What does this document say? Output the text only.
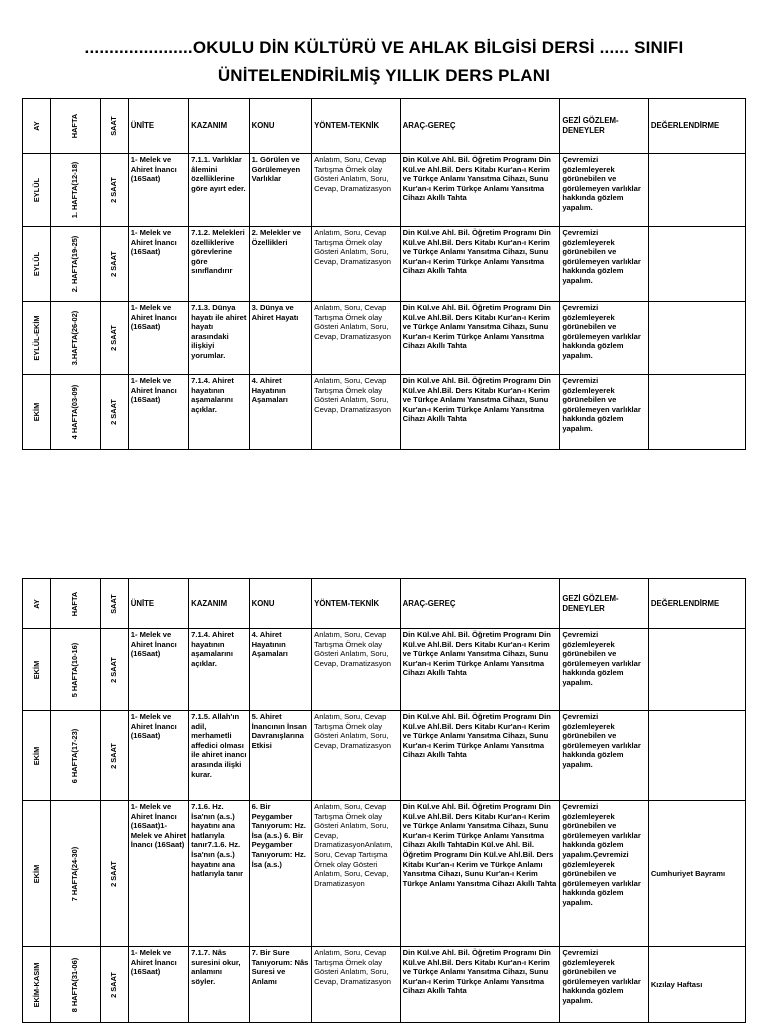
......................OKULU DİN KÜLTÜRÜ VE AHLAK BİLGİSİ DERSİ ...... SINIFI
ÜNİTELENDİRİLMİŞ YILLIK DERS PLANI
AY	HAFTA	SAAT	ÜNİTE	KAZANIM	KONU	YÖNTEM-TEKNİK	ARAÇ-GEREÇ	GEZİ GÖZLEM-DENEYLER	DEĞERLENDİRME

EYLÜL	1. HAFTA(12-18)	2 SAAT	1- Melek ve Ahiret İnancı (16Saat)	7.1.1. Varlıklar âlemini özelliklerine göre ayırt eder.	1. Görülen ve Görülemeyen Varlıklar	Anlatım, Soru, Cevap Tartışma Örnek olay Gösteri Anlatım, Soru, Cevap, Dramatizasyon	Din Kül.ve Ahl. Bil. Öğretim Programı Din Kül.ve Ahl.Bil. Ders Kitabı Kur'an-ı Kerim ve Türkçe Anlamı Yansıtma Cihazı, Sunu Kur'an-ı Kerim Türkçe Anlamı Yansıtma Cihazı Akıllı Tahta	Çevremizi gözlemleyerek görünebilen ve görülemeyen varlıklar hakkında gözlem yapalım.	

EYLÜL	2. HAFTA(19-25)	2 SAAT	1- Melek ve Ahiret İnancı (16Saat)	7.1.2. Melekleri özelliklerive görevlerine göre sınıflandırır	2. Melekler ve Özellikleri	Anlatım, Soru, Cevap Tartışma Örnek olay Gösteri Anlatım, Soru, Cevap, Dramatizasyon	Din Kül.ve Ahl. Bil. Öğretim Programı Din Kül.ve Ahl.Bil. Ders Kitabı Kur'an-ı Kerim ve Türkçe Anlamı Yansıtma Cihazı, Sunu Kur'an-ı Kerim Türkçe Anlamı Yansıtma Cihazı Akıllı Tahta	Çevremizi gözlemleyerek görünebilen ve görülemeyen varlıklar hakkında gözlem yapalım.	

EYLÜL-EKİM	3.HAFTA(26-02)	2 SAAT	1- Melek ve Ahiret İnancı (16Saat)	7.1.3. Dünya hayatı ile ahiret hayatı arasındaki ilişkiyi yorumlar.	3. Dünya ve Ahiret Hayatı	Anlatım, Soru, Cevap Tartışma Örnek olay Gösteri Anlatım, Soru, Cevap, Dramatizasyon	Din Kül.ve Ahl. Bil. Öğretim Programı Din Kül.ve Ahl.Bil. Ders Kitabı Kur'an-ı Kerim ve Türkçe Anlamı Yansıtma Cihazı, Sunu Kur'an-ı Kerim Türkçe Anlamı Yansıtma Cihazı Akıllı Tahta	Çevremizi gözlemleyerek görünebilen ve görülemeyen varlıklar hakkında gözlem yapalım.	

EKİM	4 HAFTA(03-09)	2 SAAT	1- Melek ve Ahiret İnancı (16Saat)	7.1.4. Ahiret hayatının aşamalarını açıklar.	4. Ahiret Hayatının Aşamaları	Anlatım, Soru, Cevap Tartışma Örnek olay Gösteri Anlatım, Soru, Cevap, Dramatizasyon	Din Kül.ve Ahl. Bil. Öğretim Programı Din Kül.ve Ahl.Bil. Ders Kitabı Kur'an-ı Kerim ve Türkçe Anlamı Yansıtma Cihazı, Sunu Kur'an-ı Kerim Türkçe Anlamı Yansıtma Cihazı Akıllı Tahta	Çevremizi gözlemleyerek görünebilen ve görülemeyen varlıklar hakkında gözlem yapalım.	
AY	HAFTA	SAAT	ÜNİTE	KAZANIM	KONU	YÖNTEM-TEKNİK	ARAÇ-GEREÇ	GEZİ GÖZLEM-DENEYLER	DEĞERLENDİRME

EKİM	5 HAFTA(10-16)	2 SAAT	1- Melek ve Ahiret İnancı (16Saat)	7.1.4. Ahiret hayatının aşamalarını açıklar.	4. Ahiret Hayatının Aşamaları	Anlatım, Soru, Cevap Tartışma Örnek olay Gösteri Anlatım, Soru, Cevap, Dramatizasyon	Din Kül.ve Ahl. Bil. Öğretim Programı Din Kül.ve Ahl.Bil. Ders Kitabı Kur'an-ı Kerim ve Türkçe Anlamı Yansıtma Cihazı, Sunu Kur'an-ı Kerim Türkçe Anlamı Yansıtma Cihazı Akıllı Tahta	Çevremizi gözlemleyerek görünebilen ve görülemeyen varlıklar hakkında gözlem yapalım.	

EKİM	6 HAFTA(17-23)	2 SAAT	1- Melek ve Ahiret İnancı (16Saat)	7.1.5. Allah'ın adil, merhametli affedici olması ile ahiret inancı arasında ilişki kurar.	5. Ahiret İnancının İnsan Davranışlarına Etkisi	Anlatım, Soru, Cevap Tartışma Örnek olay Gösteri Anlatım, Soru, Cevap, Dramatizasyon	Din Kül.ve Ahl. Bil. Öğretim Programı Din Kül.ve Ahl.Bil. Ders Kitabı Kur'an-ı Kerim ve Türkçe Anlamı Yansıtma Cihazı, Sunu Kur'an-ı Kerim Türkçe Anlamı Yansıtma Cihazı Akıllı Tahta	Çevremizi gözlemleyerek görünebilen ve görülemeyen varlıklar hakkında gözlem yapalım.	

EKİM	7 HAFTA(24-30)	2 SAAT	1- Melek ve Ahiret İnancı (16Saat)1-Melek ve Ahiret İnancı (16Saat)	7.1.6. Hz. İsa'nın (a.s.) hayatını ana hatlarıyla tanır7.1.6. Hz. İsa'nın (a.s.) hayatını ana hatlarıyla tanır	6. Bir Peygamber Tanıyorum: Hz. İsa (a.s.) 6. Bir Peygamber Tanıyorum: Hz. İsa (a.s.)	Anlatım, Soru, Cevap Tartışma Örnek olay Gösteri Anlatım, Soru, Cevap, DramatizasyonAnlatım, Soru, Cevap Tartışma Örnek olay Gösteri Anlatım, Soru, Cevap, Dramatizasyon	Din Kül.ve Ahl. Bil. Öğretim Programı Din Kül.ve Ahl.Bil. Ders Kitabı Kur'an-ı Kerim ve Türkçe Anlamı Yansıtma Cihazı, Sunu Kur'an-ı Kerim Türkçe Anlamı Yansıtma Cihazı Akıllı TahtaDin Kül.ve Ahl. Bil. Öğretim Programı Din Kül.ve Ahl.Bil. Ders Kitabı Kur'an-ı Kerim ve Türkçe Anlamı Yansıtma Cihazı, Sunu Kur'an-ı Kerim Türkçe Anlamı Yansıtma Cihazı Akıllı Tahta	Çevremizi gözlemleyerek görünebilen ve görülemeyen varlıklar hakkında gözlem yapalım.Çevremizi gözlemleyerek görünebilen ve görülemeyen varlıklar hakkında gözlem yapalım.	Cumhuriyet Bayramı

EKİM-KASIM	8 HAFTA(31-06)	2 SAAT	1- Melek ve Ahiret İnancı (16Saat)	7.1.7. Nâs suresini okur, anlamını söyler.	7. Bir Sure Tanıyorum: Nâs Suresi ve Anlamı	Anlatım, Soru, Cevap Tartışma Örnek olay Gösteri Anlatım, Soru, Cevap, Dramatizasyon	Din Kül.ve Ahl. Bil. Öğretim Programı Din Kül.ve Ahl.Bil. Ders Kitabı Kur'an-ı Kerim ve Türkçe Anlamı Yansıtma Cihazı, Sunu Kur'an-ı Kerim Türkçe Anlamı Yansıtma Cihazı Akıllı Tahta	Çevremizi gözlemleyerek görünebilen ve görülemeyen varlıklar hakkında gözlem yapalım.	Kızılay Haftası
